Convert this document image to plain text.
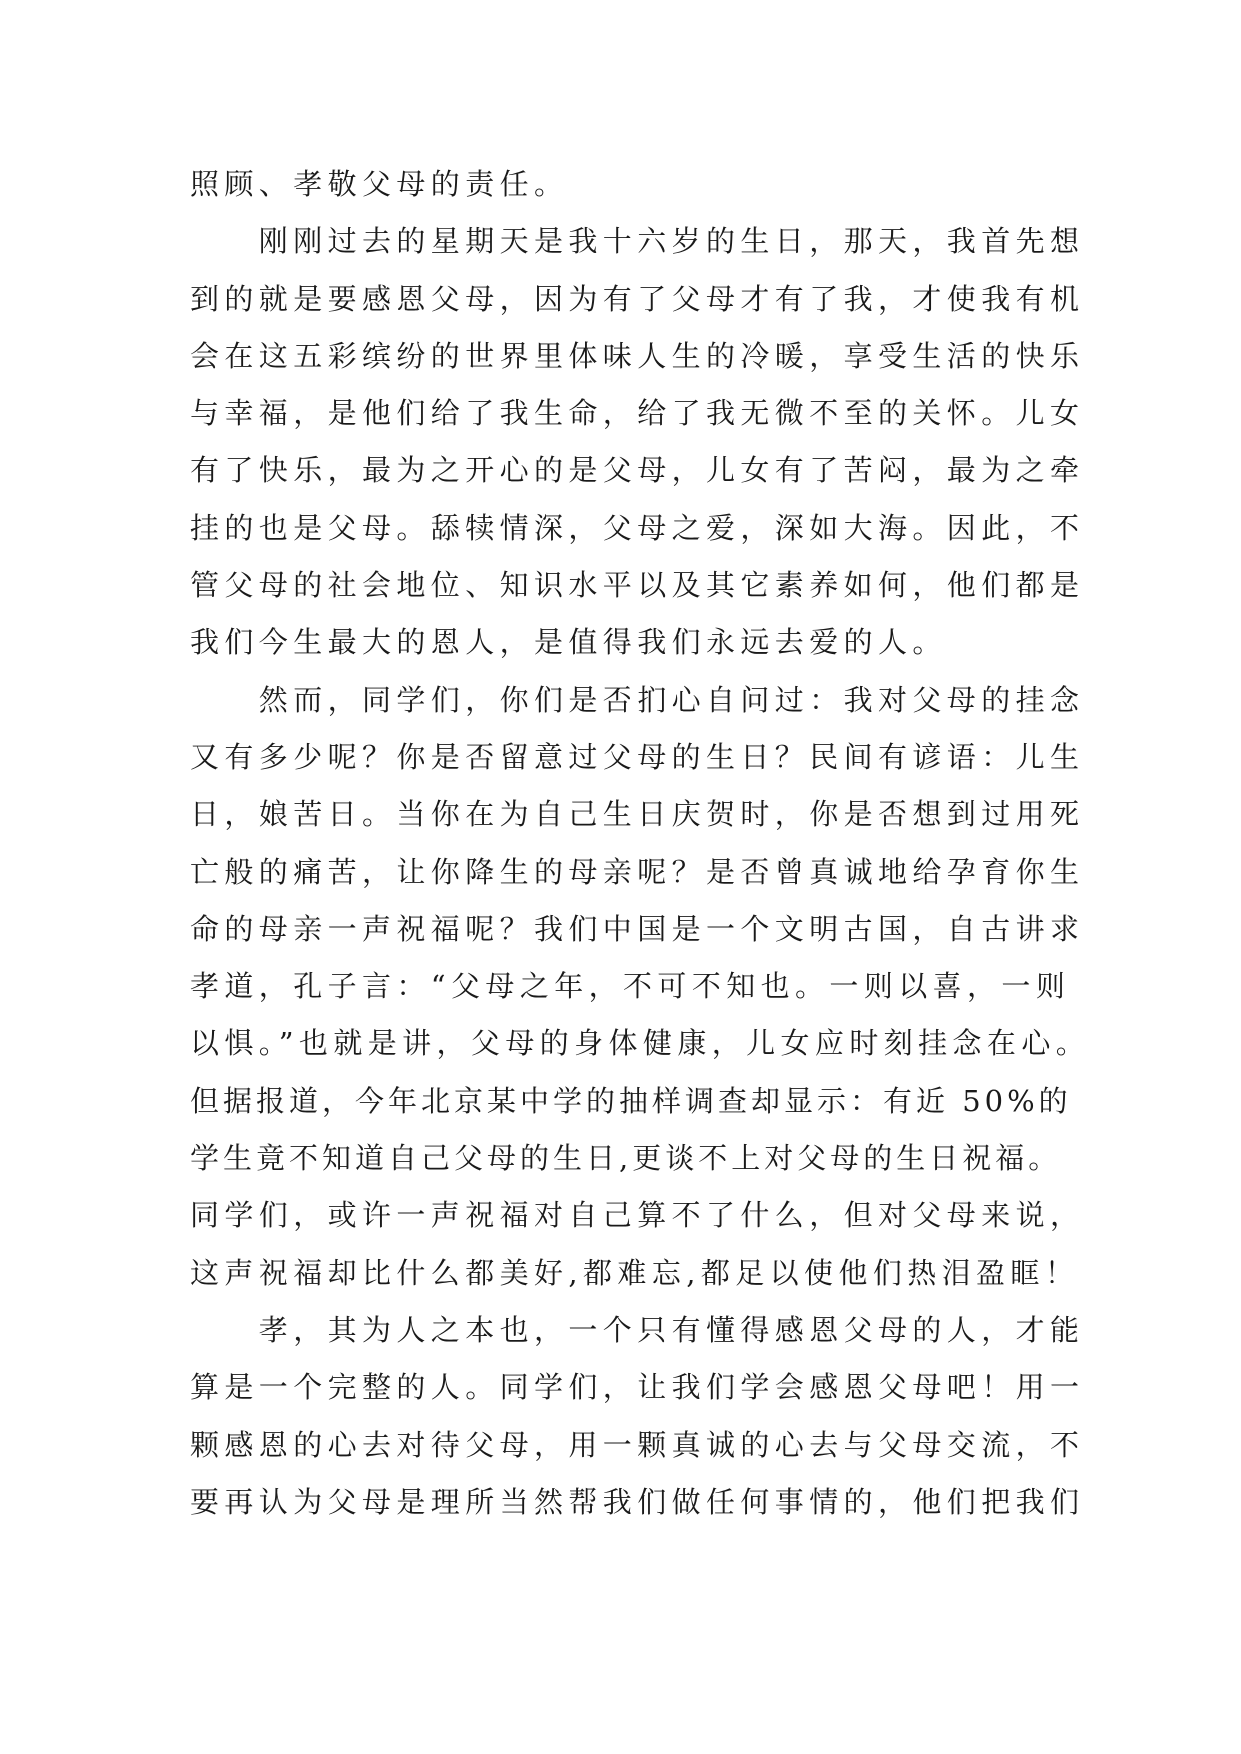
照顾、孝敬父母的责任。
　　刚刚过去的星期天是我十六岁的生日，那天，我首先想
到的就是要感恩父母，因为有了父母才有了我，才使我有机
会在这五彩缤纷的世界里体味人生的冷暖，享受生活的快乐
与幸福，是他们给了我生命，给了我无微不至的关怀。儿女
有了快乐，最为之开心的是父母，儿女有了苦闷，最为之牵
挂的也是父母。舔犊情深，父母之爱，深如大海。因此，不
管父母的社会地位、知识水平以及其它素养如何，他们都是
我们今生最大的恩人，是值得我们永远去爱的人。
　　然而，同学们，你们是否扪心自问过：我对父母的挂念
又有多少呢？你是否留意过父母的生日？民间有谚语：儿生
日，娘苦日。当你在为自己生日庆贺时，你是否想到过用死
亡般的痛苦，让你降生的母亲呢？是否曾真诚地给孕育你生
命的母亲一声祝福呢？我们中国是一个文明古国，自古讲求
孝道，孔子言：“父母之年，不可不知也。一则以喜，一则
以惧。”也就是讲，父母的身体健康，儿女应时刻挂念在心。
但据报道，今年北京某中学的抽样调查却显示：有近 50%的
学生竟不知道自己父母的生日,更谈不上对父母的生日祝福。
同学们，或许一声祝福对自己算不了什么，但对父母来说，
这声祝福却比什么都美好,都难忘,都足以使他们热泪盈眶！
　　孝，其为人之本也，一个只有懂得感恩父母的人，才能
算是一个完整的人。同学们，让我们学会感恩父母吧！用一
颗感恩的心去对待父母，用一颗真诚的心去与父母交流，不
要再认为父母是理所当然帮我们做任何事情的，他们把我们
